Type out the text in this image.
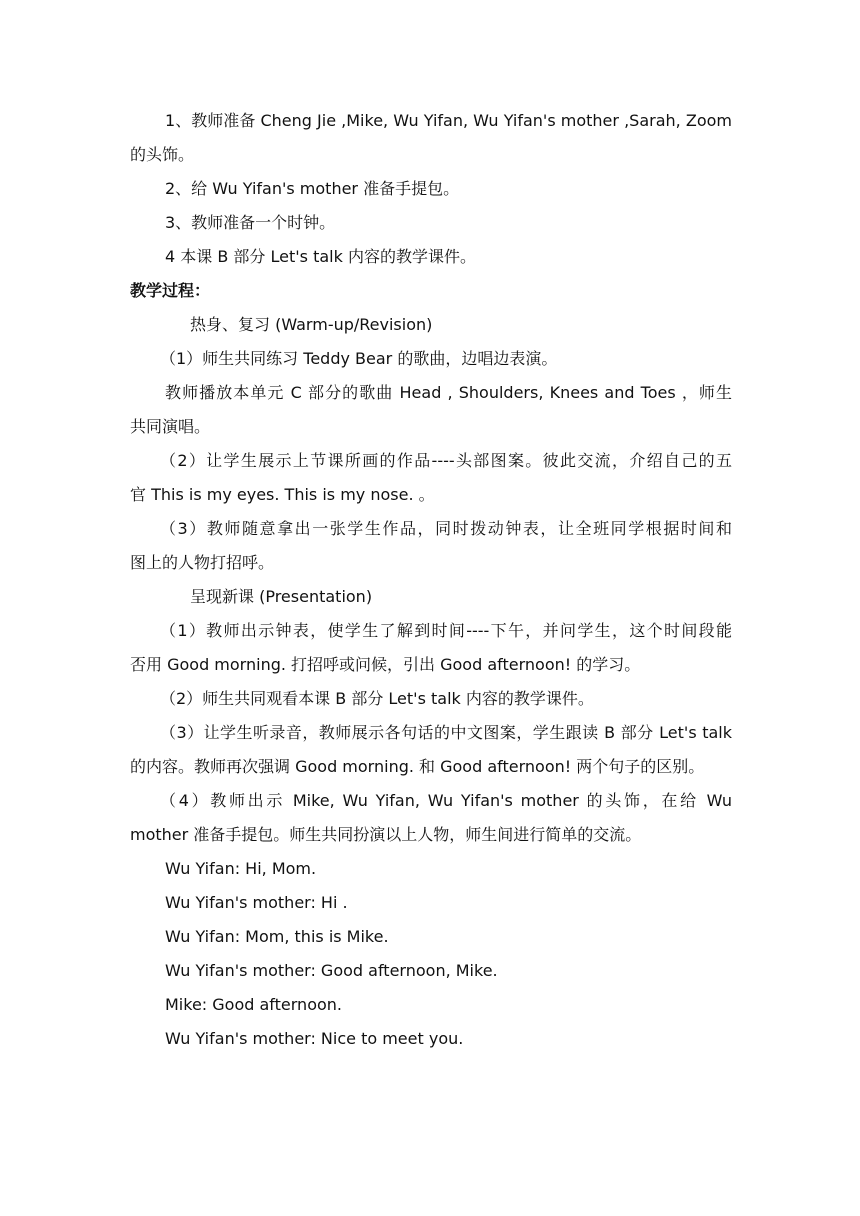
1、教师准备 Cheng Jie ,Mike, Wu Yifan, Wu Yifan's mother ,Sarah, Zoom
的头饰。
2、给 Wu Yifan's mother 准备手提包。
3、教师准备一个时钟。
4 本课 B 部分 Let's talk 内容的教学课件。
教学过程：
热身、复习 (Warm-up/Revision)
（1）师生共同练习 Teddy Bear 的歌曲，边唱边表演。
教师播放本单元 C 部分的歌曲 Head , Shoulders, Knees and Toes ，师生
共同演唱。
（2）让学生展示上节课所画的作品----头部图案。彼此交流，介绍自己的五
官 This is my eyes. This is my nose. 。
（3）教师随意拿出一张学生作品，同时拨动钟表，让全班同学根据时间和
图上的人物打招呼。
呈现新课 (Presentation)
（1）教师出示钟表，使学生了解到时间----下午，并问学生，这个时间段能
否用 Good morning. 打招呼或问候，引出 Good afternoon! 的学习。
（2）师生共同观看本课 B 部分 Let's talk 内容的教学课件。
（3）让学生听录音，教师展示各句话的中文图案，学生跟读 B 部分 Let's talk
的内容。教师再次强调 Good morning. 和 Good afternoon! 两个句子的区别。
（4）教师出示 Mike, Wu Yifan, Wu Yifan's mother 的头饰，在给 Wu
mother 准备手提包。师生共同扮演以上人物，师生间进行简单的交流。
Wu Yifan: Hi, Mom.
Wu Yifan's mother: Hi .
Wu Yifan: Mom, this is Mike.
Wu Yifan's mother: Good afternoon, Mike.
Mike: Good afternoon.
Wu Yifan's mother: Nice to meet you.
